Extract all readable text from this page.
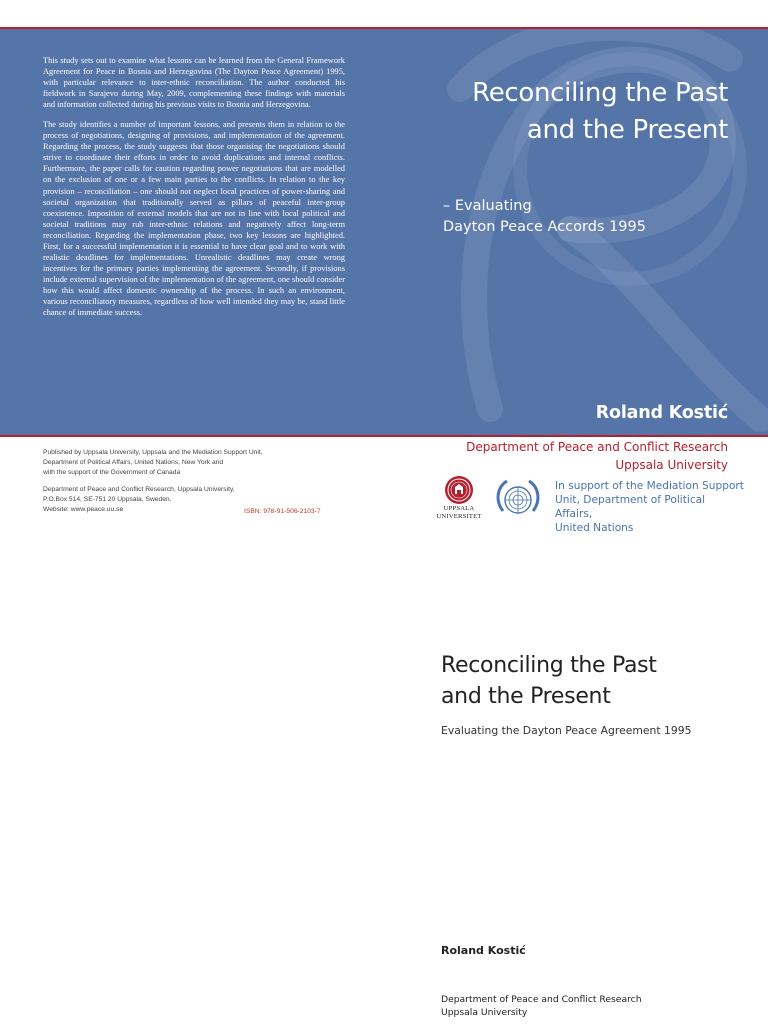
This study sets out to examine what lessons can be learned from the General Framework Agreement for Peace in Bosnia and Herzegovina (The Dayton Peace Agreement) 1995, with particular relevance to inter-ethnic reconciliation. The author conducted his fieldwork in Sarajevo during May, 2009, complementing these findings with materials and information collected during his previous visits to Bosnia and Herzegovina.

The study identifies a number of important lessons, and presents them in relation to the process of negotiations, designing of provisions, and implementation of the agreement. Regarding the process, the study suggests that those organising the negotiations should strive to coordinate their efforts in order to avoid duplications and internal conflicts. Furthermore, the paper calls for caution regarding power negotiations that are modelled on the exclusion of one or a few main parties to the conflicts. In relation to the key provision – reconciliation – one should not neglect local practices of power-sharing and societal organization that traditionally served as pillars of peaceful inter-group coexistence. Imposition of external models that are not in line with local political and societal traditions may rub inter-ethnic relations and negatively affect long-term reconciliation. Regarding the implementation phase, two key lessons are highlighted. First, for a successful implementation it is essential to have clear goal and to work with realistic deadlines for implementations. Unrealistic deadlines may create wrong incentives for the primary parties implementing the agreement. Secondly, if provisions include external supervision of the implementation of the agreement, one should consider how this would affect domestic ownership of the process. In such an environment, various reconciliatory measures, regardless of how well intended they may be, stand little chance of immediate success.

Reconciling the Past
and the Present
– Evaluating
Dayton Peace Accords 1995
Roland Kostić
Published by Uppsala University, Uppsala and the Mediation Support Unit,
Department of Political Affairs, United Nations, New York and
with the support of the Government of Canada
Department of Peace and Conflict Research, Uppsala University,
P.O.Box 514, SE-751 20 Uppsala, Sweden.
Website: www.peace.uu.se	ISBN: 978-91-506-2103-7
Department of Peace and Conflict Research
Uppsala University
UPPSALA
UNIVERSITET
In support of the Mediation Support
Unit, Department of Political Affairs,
United Nations
Reconciling the Past
and the Present
Evaluating the Dayton Peace Agreement 1995
Roland Kostić
Department of Peace and Conflict Research
Uppsala University
